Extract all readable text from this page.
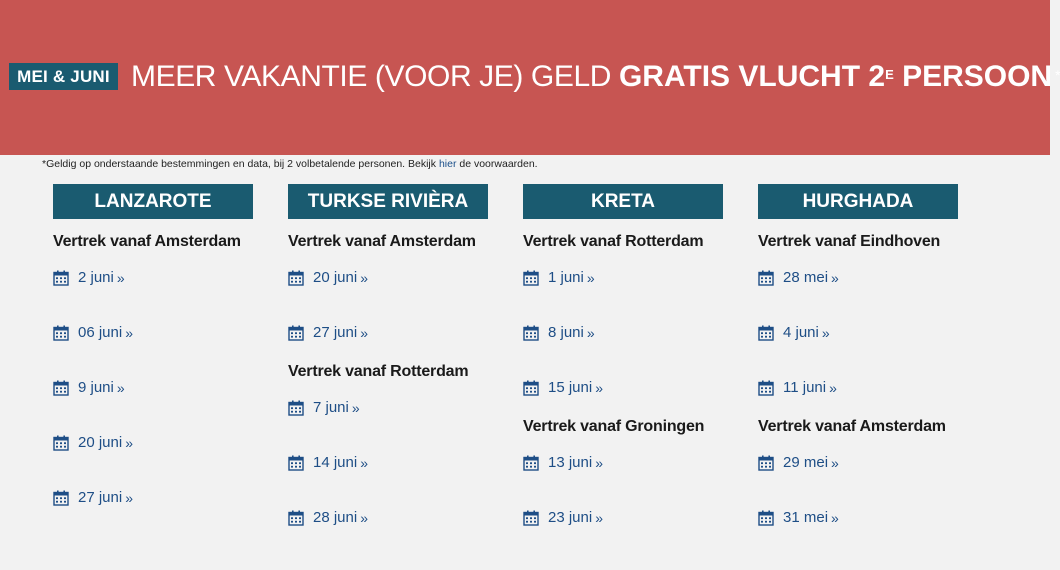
MEI & JUNI MEER VAKANTIE (VOOR JE) GELD GRATIS VLUCHT $2^E$ PERSOON *
*Geldig op onderstaande bestemmingen en data, bij 2 volbetalende personen. Bekijk hier de voorwaarden.
LANZAROTE
Vertrek vanaf Amsterdam
2 juni »
06 juni »
9 juni »
20 juni »
27 juni »
TURKSE RIVIÈRA
Vertrek vanaf Amsterdam
20 juni »
27 juni »
Vertrek vanaf Rotterdam
7 juni »
14 juni »
28 juni »
KRETA
Vertrek vanaf Rotterdam
1 juni »
8 juni »
15 juni »
Vertrek vanaf Groningen
13 juni »
23 juni »
HURGHADA
Vertrek vanaf Eindhoven
28 mei »
4 juni »
11 juni »
Vertrek vanaf Amsterdam
29 mei »
31 mei »
